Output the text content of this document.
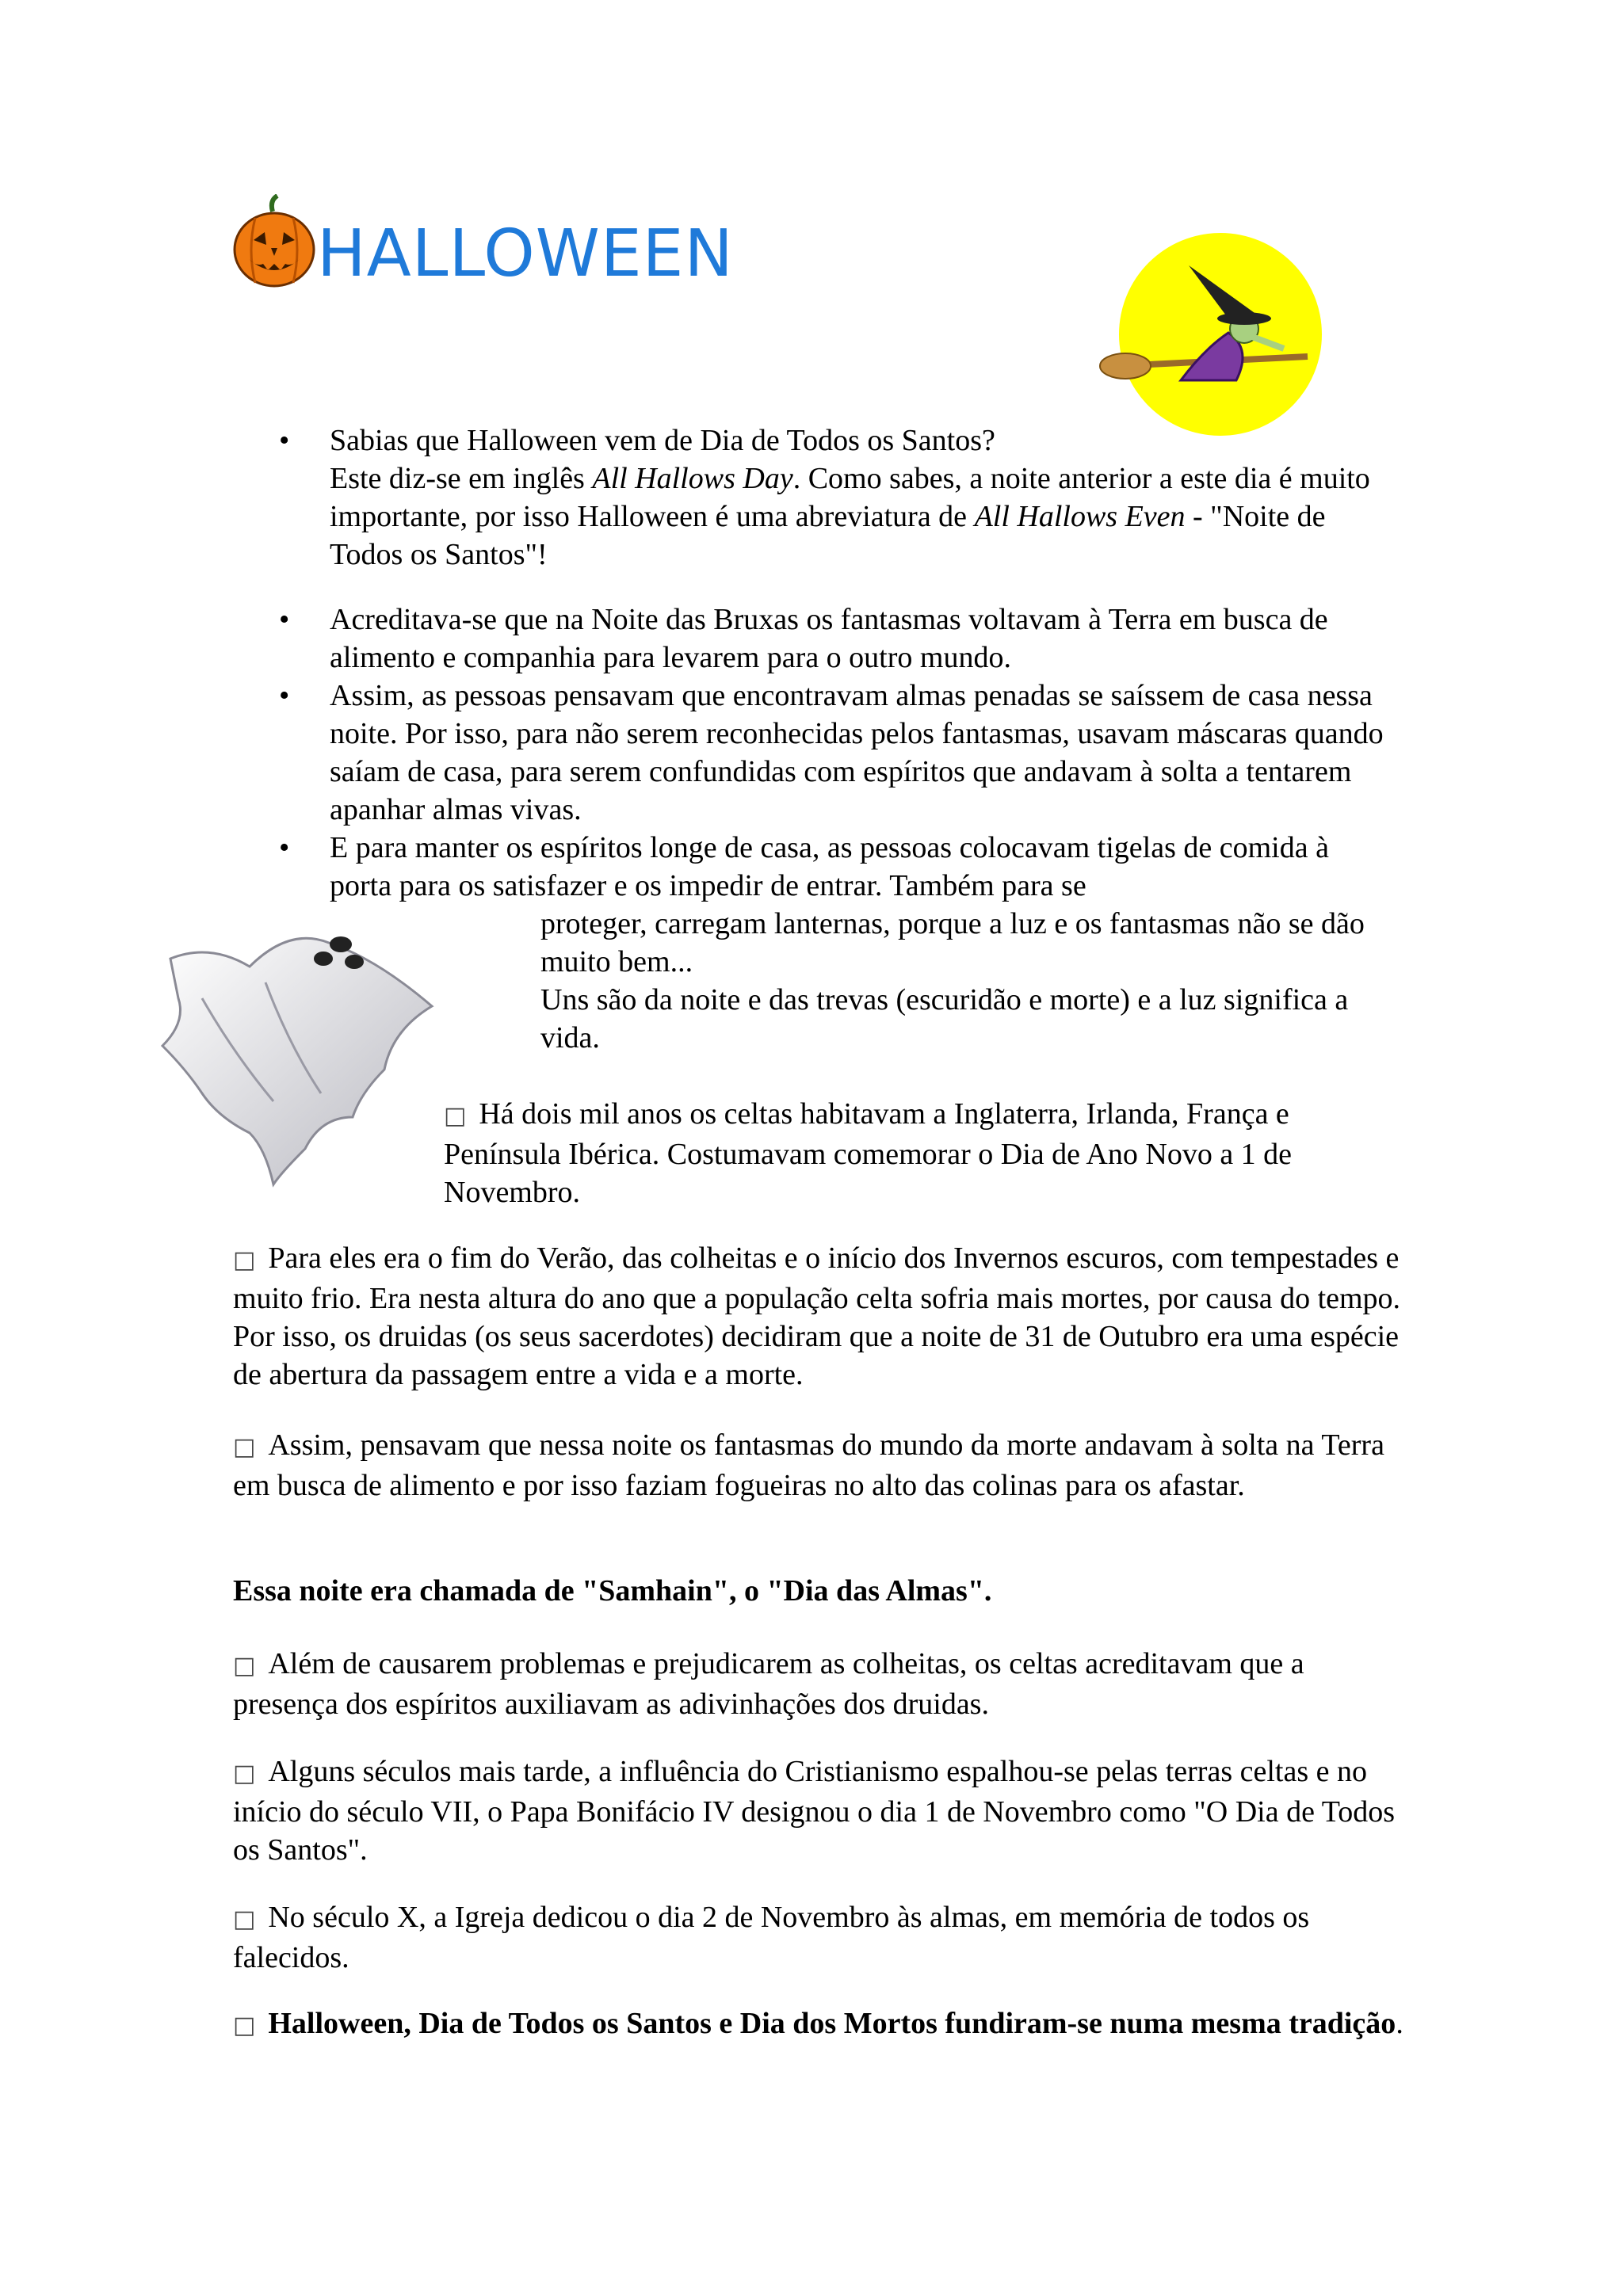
HALLOWEEN
• Sabias que Halloween vem de Dia de Todos os Santos?
Este diz-se em inglês All Hallows Day. Como sabes, a noite anterior a este dia é muito importante, por isso Halloween é uma abreviatura de All Hallows Even - "Noite de Todos os Santos"!

• Acreditava-se que na Noite das Bruxas os fantasmas voltavam à Terra em busca de alimento e companhia para levarem para o outro mundo.

• Assim, as pessoas pensavam que encontravam almas penadas se saíssem de casa nessa noite. Por isso, para não serem reconhecidas pelos fantasmas, usavam máscaras quando saíam de casa, para serem confundidas com espíritos que andavam à solta a tentarem apanhar almas vivas.

• E para manter os espíritos longe de casa, as pessoas colocavam tigelas de comida à porta para os satisfazer e os impedir de entrar. Também para se

proteger, carregam lanternas, porque a luz e os fantasmas não se dão muito bem...

Uns são da noite e das trevas (escuridão e morte) e a luz significa a vida.

□ Há dois mil anos os celtas habitavam a Inglaterra, Irlanda, França e Península Ibérica. Costumavam comemorar o Dia de Ano Novo a 1 de Novembro.

□ Para eles era o fim do Verão, das colheitas e o início dos Invernos escuros, com tempestades e muito frio. Era nesta altura do ano que a população celta sofria mais mortes, por causa do tempo. Por isso, os druidas (os seus sacerdotes) decidiram que a noite de 31 de Outubro era uma espécie de abertura da passagem entre a vida e a morte.

□ Assim, pensavam que nessa noite os fantasmas do mundo da morte andavam à solta na Terra em busca de alimento e por isso faziam fogueiras no alto das colinas para os afastar.

Essa noite era chamada de "Samhain", o "Dia das Almas".

□ Além de causarem problemas e prejudicarem as colheitas, os celtas acreditavam que a presença dos espíritos auxiliavam as adivinhações dos druidas.

□ Alguns séculos mais tarde, a influência do Cristianismo espalhou-se pelas terras celtas e no início do século VII, o Papa Bonifácio IV designou o dia 1 de Novembro como "O Dia de Todos os Santos".

□ No século X, a Igreja dedicou o dia 2 de Novembro às almas, em memória de todos os falecidos.

□ Halloween, Dia de Todos os Santos e Dia dos Mortos fundiram-se numa mesma tradição.
